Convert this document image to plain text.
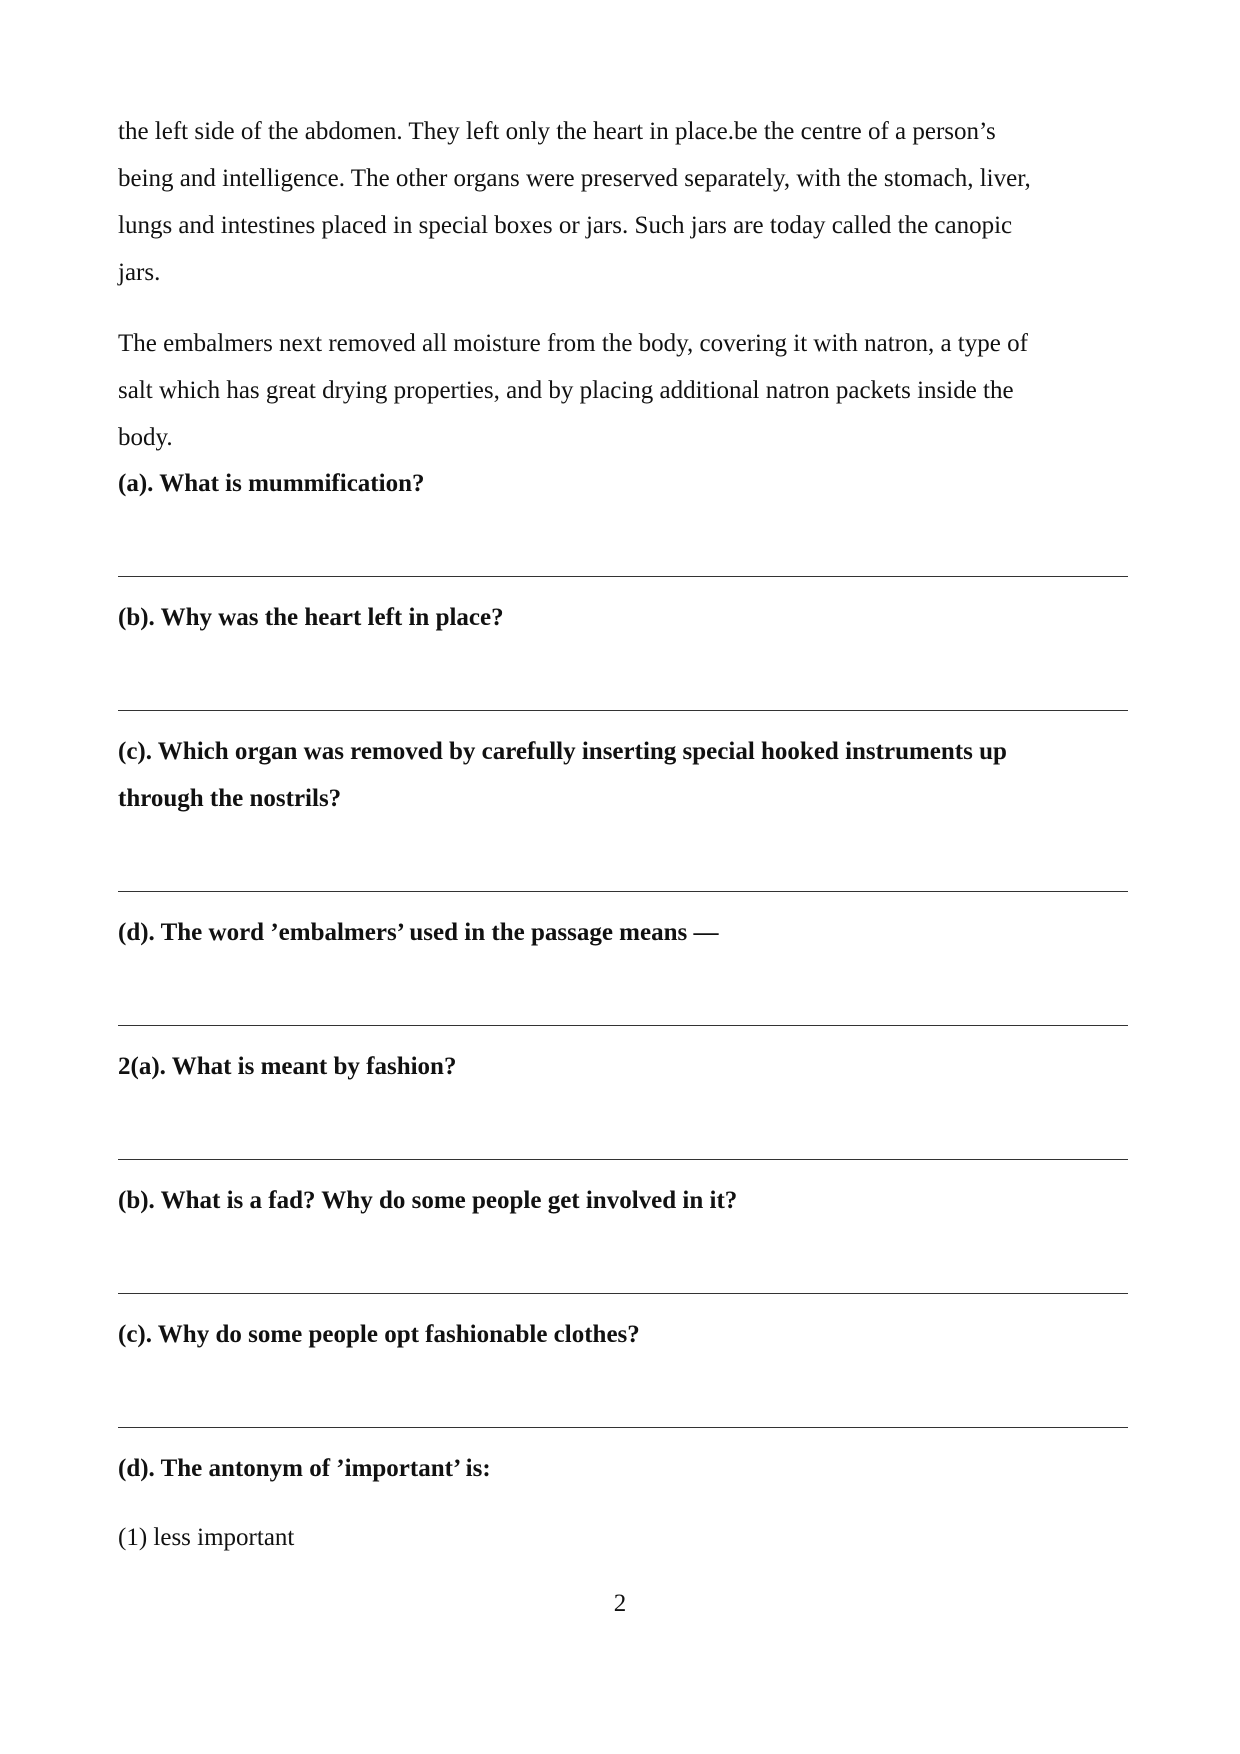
the left side of the abdomen. They left only the heart in place.be the centre of a person’s
being and intelligence. The other organs were preserved separately, with the stomach, liver,
lungs and intestines placed in special boxes or jars. Such jars are today called the canopic
jars.
The embalmers next removed all moisture from the body, covering it with natron, a type of
salt which has great drying properties, and by placing additional natron packets inside the
body.
(a). What is mummification?
(b). Why was the heart left in place?
(c). Which organ was removed by carefully inserting special hooked instruments up
through the nostrils?
(d). The word ’embalmers’ used in the passage means —
2(a). What is meant by fashion?
(b). What is a fad? Why do some people get involved in it?
(c). Why do some people opt fashionable clothes?
(d). The antonym of ’important’ is:
(1) less important
2
